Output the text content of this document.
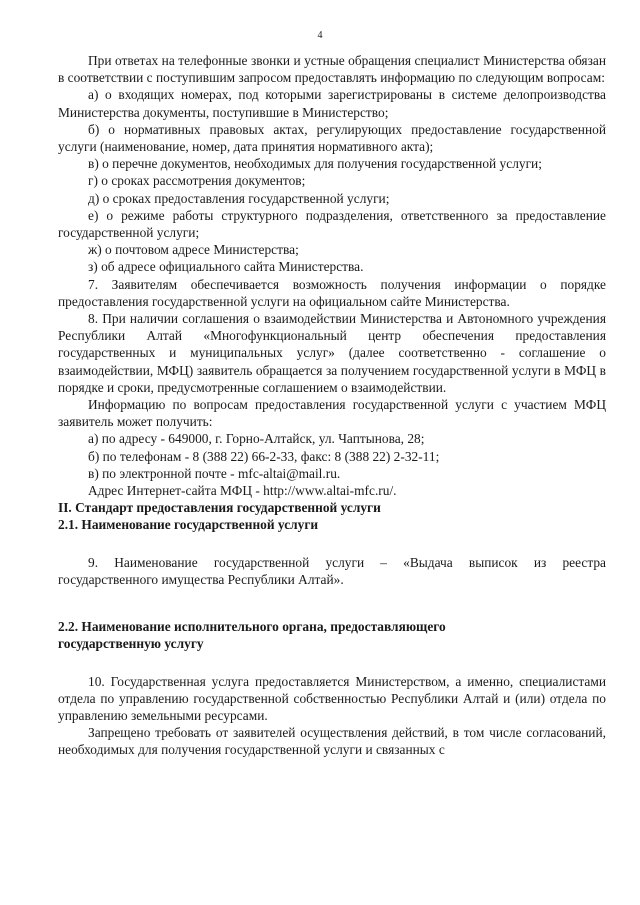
4

При ответах на телефонные звонки и устные обращения специалист Министерства обязан в соответствии с поступившим запросом предоставлять информацию по следующим вопросам:

а) о входящих номерах, под которыми зарегистрированы в системе делопроизводства Министерства документы, поступившие в Министерство;

б) о нормативных правовых актах, регулирующих предоставление государственной услуги (наименование, номер, дата принятия нормативного акта);

в) о перечне документов, необходимых для получения государственной услуги;

г) о сроках рассмотрения документов;

д) о сроках предоставления государственной услуги;

е) о режиме работы структурного подразделения, ответственного за предоставление государственной услуги;

ж) о почтовом адресе Министерства;

з) об адресе официального сайта Министерства.

7. Заявителям обеспечивается возможность получения информации о порядке предоставления государственной услуги на официальном сайте Министерства.

8. При наличии соглашения о взаимодействии Министерства и Автономного учреждения Республики Алтай «Многофункциональный центр обеспечения предоставления государственных и муниципальных услуг» (далее соответственно - соглашение о взаимодействии, МФЦ) заявитель обращается за получением государственной услуги в МФЦ в порядке и сроки, предусмотренные соглашением о взаимодействии.

Информацию по вопросам предоставления государственной услуги с участием МФЦ заявитель может получить:

а) по адресу - 649000, г. Горно-Алтайск, ул. Чаптынова, 28;

б) по телефонам - 8 (388 22) 66-2-33, факс: 8 (388 22) 2-32-11;

в) по электронной почте - mfc-altai@mail.ru.

Адрес Интернет-сайта МФЦ - http://www.altai-mfc.ru/.

II. Стандарт предоставления государственной услуги

2.1. Наименование государственной услуги

9. Наименование государственной услуги – «Выдача выписок из реестра государственного имущества Республики Алтай».

2.2. Наименование исполнительного органа, предоставляющего

государственную услугу

10. Государственная услуга предоставляется Министерством, а именно, специалистами отдела по управлению государственной собственностью Республики Алтай и (или) отдела по управлению земельными ресурсами.

Запрещено требовать от заявителей осуществления действий, в том числе согласований, необходимых для получения государственной услуги и связанных с
